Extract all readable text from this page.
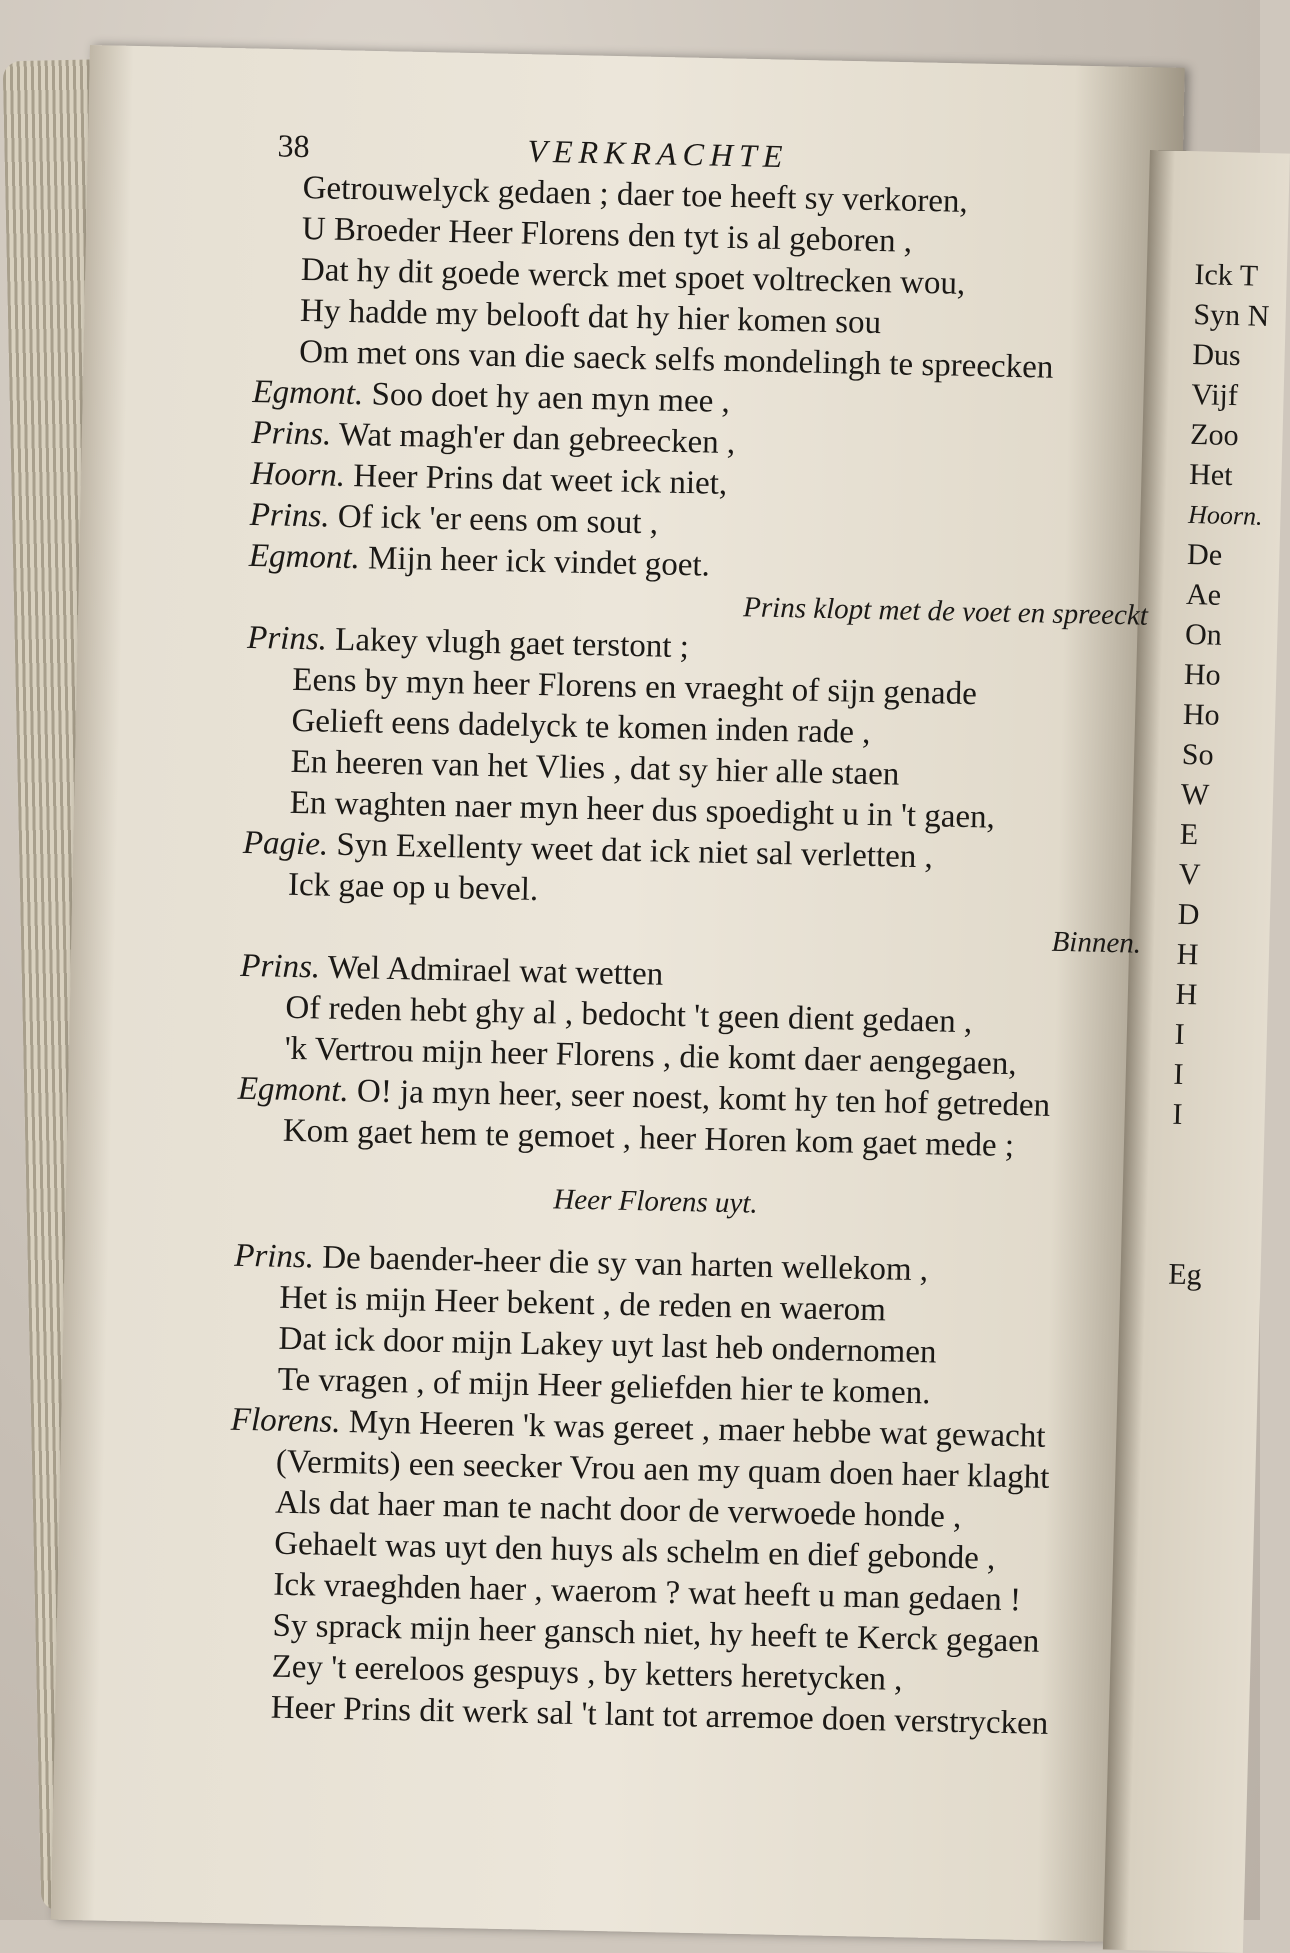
38	VERKRACHTE
Getrouwelyck gedaen ; daer toe heeft sy verkoren,
U Broeder Heer Florens den tyt is al geboren ,
Dat hy dit goede werck met spoet voltrecken wou,
Hy hadde my belooft dat hy hier komen sou
Om met ons van die saeck selfs mondelingh te spreecken
Egmont. Soo doet hy aen myn mee ,
Prins. Wat magh'er dan gebreecken ,
Hoorn. Heer Prins dat weet ick niet,
Prins. Of ick 'er eens om sout ,
Egmont. Mijn heer ick vindet goet.
Prins klopt met de voet en spreeckt
Prins. Lakey vlugh gaet terstont ;
Eens by myn heer Florens en vraeght of sijn genade
Gelieft eens dadelyck te komen inden rade ,
En heeren van het Vlies , dat sy hier alle staen
En waghten naer myn heer dus spoedight u in 't gaen,
Pagie. Syn Exellenty weet dat ick niet sal verletten ,
Ick gae op u bevel.
Binnen.
Prins. Wel Admirael wat wetten
Of reden hebt ghy al , bedocht 't geen dient gedaen ,
'k Vertrou mijn heer Florens , die komt daer aengegaen,
Egmont. O! ja myn heer, seer noest, komt hy ten hof getreden
Kom gaet hem te gemoet , heer Horen kom gaet mede ;
Heer Florens uyt.
Prins. De baender-heer die sy van harten wellekom ,
Het is mijn Heer bekent , de reden en waerom
Dat ick door mijn Lakey uyt last heb ondernomen
Te vragen , of mijn Heer geliefden hier te komen.
Florens. Myn Heeren 'k was gereet , maer hebbe wat gewacht
(Vermits) een seecker Vrou aen my quam doen haer klaght
Als dat haer man te nacht door de verwoede honde ,
Gehaelt was uyt den huys als schelm en dief gebonde ,
Ick vraeghden haer , waerom ? wat heeft u man gedaen !
Sy sprack mijn heer gansch niet, hy heeft te Kerck gegaen
Zey 't eereloos gespuys , by ketters heretycken ,
Heer Prins dit werk sal 't lant tot arremoe doen verstrycken
Ick T
Syn N
Dus
Vijf
Zoo
Het
Hoorn.
De
Ae
On
Ho
Ho
So
W
E
V
D
H
H
I
I
I
Eg
